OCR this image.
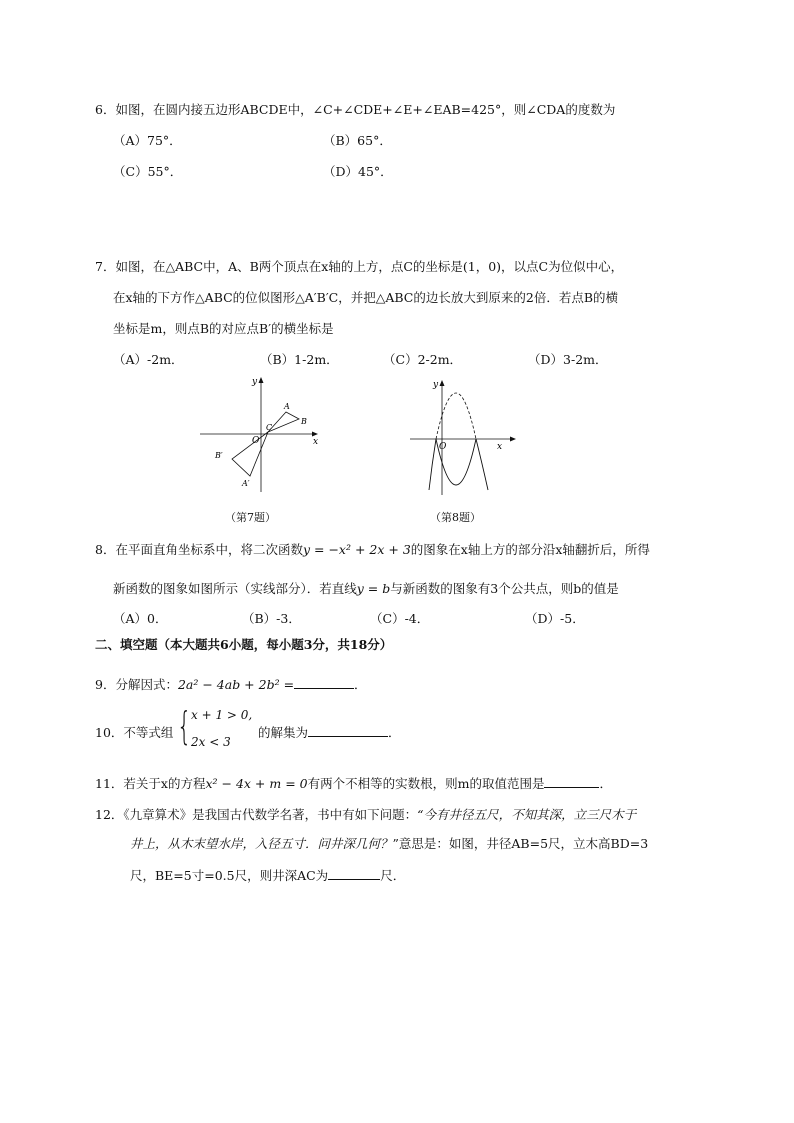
6．如图，在圆内接五边形ABCDE中，∠C+∠CDE+∠E+∠EAB=425°，则∠CDA的度数为
（A）75°．	（B）65°．
（C）55°．	（D）45°．
7．如图，在△ABC中，A、B两个顶点在x轴的上方，点C的坐标是(1，0)，以点C为位似中心，
在x轴的下方作△ABC的位似图形△A′B′C，并把△ABC的边长放大到原来的2倍．若点B的横
坐标是m，则点B的对应点B′的横坐标是
（A）-2m．	（B）1-2m．	（C）2-2m．	（D）3-2m．
x
y
O
A
B
C
A′
B′
（第7题）
x
y
O
（第8题）
8．在平面直角坐标系中，将二次函数y = −x² + 2x + 3的图象在x轴上方的部分沿x轴翻折后，所得
新函数的图象如图所示（实线部分）．若直线y = b与新函数的图象有3个公共点，则b的值是
（A）0．	（B）-3．	（C）-4．	（D）-5．
二、填空题（本大题共6小题，每小题3分，共18分）
9．分解因式：2a² − 4ab + 2b² =	．
10．不等式组 { x + 1 > 0,
2x < 3
的解集为	．
11．若关于x的方程x² − 4x + m = 0有两个不相等的实数根，则m的取值范围是	．
12．《九章算术》是我国古代数学名著，书中有如下问题：“今有井径五尺，不知其深，立三尺木于
井上，从木末望水岸，入径五寸．问井深几何？”意思是：如图，井径AB=5尺，立木高BD=3
尺，BE=5寸=0.5尺，则井深AC为	尺．
